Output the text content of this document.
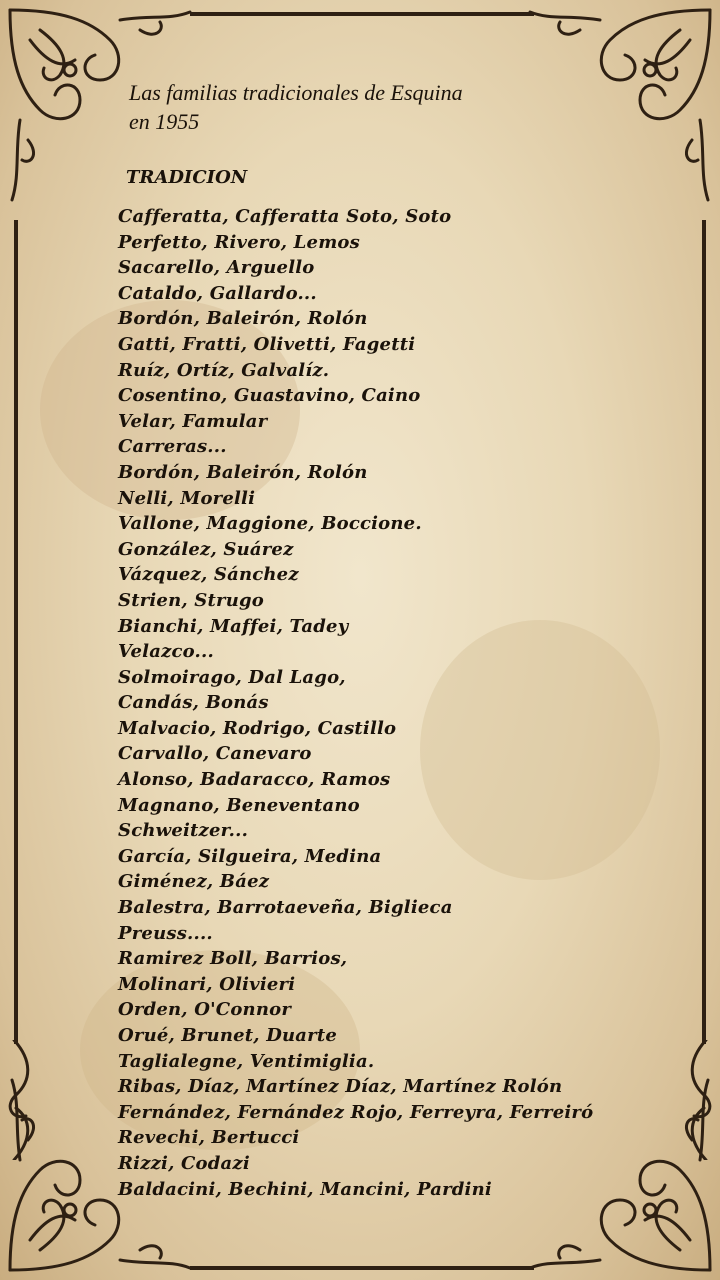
Las familias tradicionales de Esquina
en 1955
TRADICION
Cafferatta, Cafferatta Soto, Soto
Perfetto, Rivero, Lemos
Sacarello, Arguello
Cataldo, Gallardo...
Bordón, Baleirón, Rolón
Gatti, Fratti, Olivetti, Fagetti
Ruíz, Ortíz, Galvalíz.
Cosentino, Guastavino, Caino
Velar, Famular
Carreras...
Bordón, Baleirón, Rolón
Nelli, Morelli
Vallone, Maggione, Boccione.
González, Suárez
Vázquez, Sánchez
Strien, Strugo
Bianchi, Maffei, Tadey
Velazco...
Solmoirago, Dal Lago,
Candás, Bonás
Malvacio, Rodrigo, Castillo
Carvallo, Canevaro
Alonso, Badaracco, Ramos
Magnano, Beneventano
Schweitzer...
García, Silgueira, Medina
Giménez, Báez
Balestra, Barrotaeveña, Biglieca
Preuss....
Ramirez Boll, Barrios,
Molinari, Olivieri
Orden, O'Connor
Orué, Brunet, Duarte
Taglialegne, Ventimiglia.
Ribas, Díaz, Martínez Díaz, Martínez Rolón
Fernández, Fernández Rojo, Ferreyra, Ferreiró
Revechi, Bertucci
Rizzi, Codazi
Baldacini, Bechini, Mancini, Pardini
